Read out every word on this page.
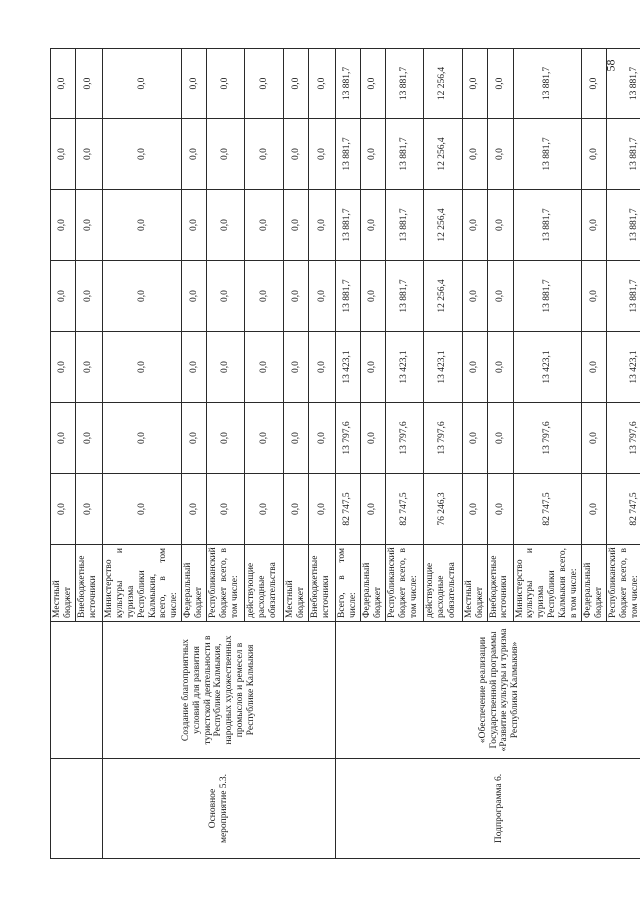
		Местный бюджет	0,0	0,0	0,0	0,0	0,0	0,0	0,0
		Внебюджетные источники	0,0	0,0	0,0	0,0	0,0	0,0	0,0
Основное мероприятие 5.3.	Создание благоприятных условий для развития туристской деятельности в Республике Калмыкия, народных художественных промыслов и ремесел в Республике Калмыкия	Министерство культуры и туризма Республики Калмыкия, всего, в том числе:	0,0	0,0	0,0	0,0	0,0	0,0	0,0
		Федеральный бюджет	0,0	0,0	0,0	0,0	0,0	0,0	0,0
		Республиканский бюджет всего, в том числе:	0,0	0,0	0,0	0,0	0,0	0,0	0,0
		действующие расходные обязательства	0,0	0,0	0,0	0,0	0,0	0,0	0,0
		Местный бюджет	0,0	0,0	0,0	0,0	0,0	0,0	0,0
		Внебюджетные источники	0,0	0,0	0,0	0,0	0,0	0,0	0,0
Подпрограмма 6.	«Обеспечение реализации Государственной программы «Развитие культуры и туризма Республики Калмыкия»	Всего, в том числе:	82 747,5	13 797,6	13 423,1	13 881,7	13 881,7	13 881,7	13 881,7
		Федеральный бюджет	0,0	0,0	0,0	0,0	0,0	0,0	0,0
		Республиканский бюджет всего, в том числе:	82 747,5	13 797,6	13 423,1	13 881,7	13 881,7	13 881,7	13 881,7
		действующие расходные обязательства	76 246,3	13 797,6	13 423,1	12 256,4	12 256,4	12 256,4	12 256,4
		Местный бюджет	0,0	0,0	0,0	0,0	0,0	0,0	0,0
		Внебюджетные источники	0,0	0,0	0,0	0,0	0,0	0,0	0,0
		Министерство культуры и туризма Республики Калмыкия всего, в том числе:	82 747,5	13 797,6	13 423,1	13 881,7	13 881,7	13 881,7	13 881,7
		Федеральный бюджет	0,0	0,0	0,0	0,0	0,0	0,0	0,0
		Республиканский бюджет всего, в том числе:	82 747,5	13 797,6	13 423,1	13 881,7	13 881,7	13 881,7	13 881,7
58
